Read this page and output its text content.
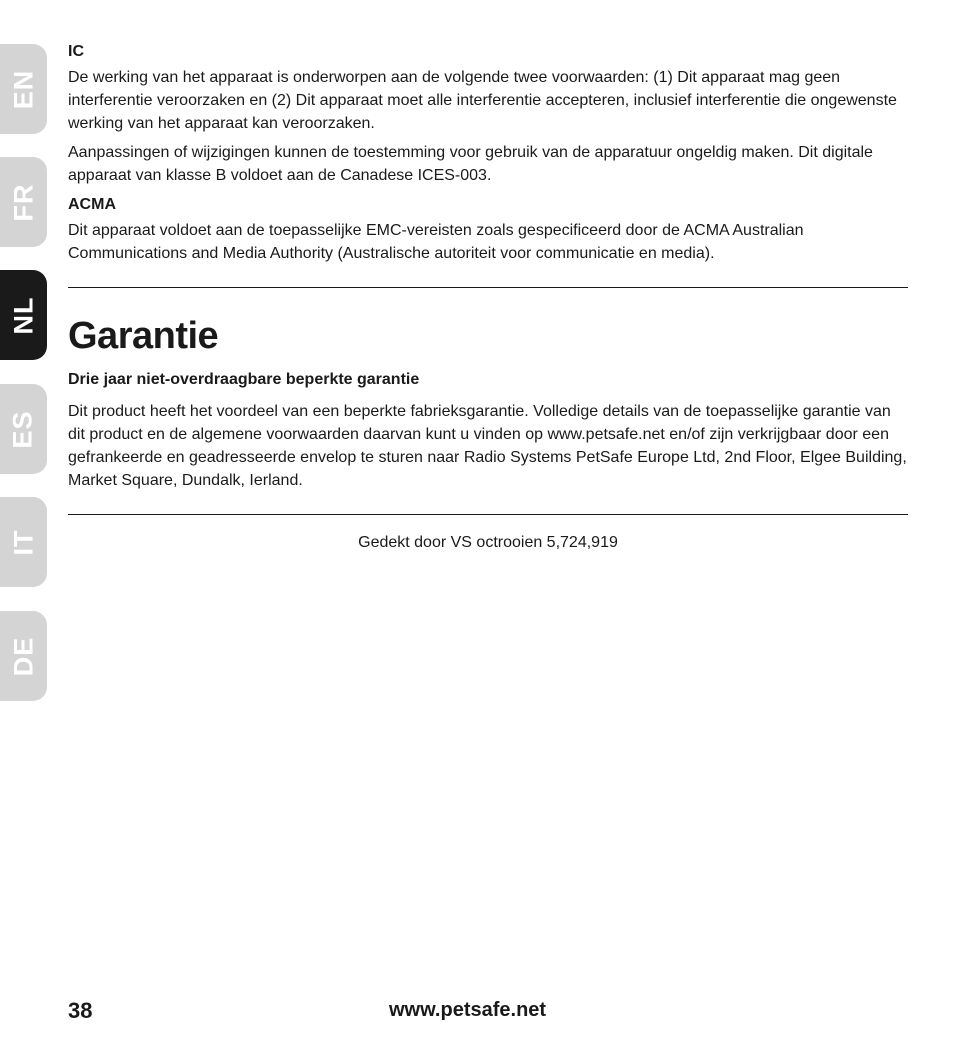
EN
FR
NL
ES
IT
DE
IC

De werking van het apparaat is onderworpen aan de volgende twee voorwaarden: (1) Dit apparaat mag geen interferentie veroorzaken en (2) Dit apparaat moet alle interferentie accepteren, inclusief interferentie die ongewenste werking van het apparaat kan veroorzaken.

Aanpassingen of wijzigingen kunnen de toestemming voor gebruik van de apparatuur ongeldig maken. Dit digitale apparaat van klasse B voldoet aan de Canadese ICES-003.

ACMA

Dit apparaat voldoet aan de toepasselijke EMC-vereisten zoals gespecificeerd door de ACMA Australian Communications and Media Authority (Australische autoriteit voor communicatie en media).

Garantie
Drie jaar niet-overdraagbare beperkte garantie

Dit product heeft het voordeel van een beperkte fabrieksgarantie. Volledige details van de toepasselijke garantie van dit product en de algemene voorwaarden daarvan kunt u vinden op www.petsafe.net en/of zijn verkrijgbaar door een gefrankeerde en geadresseerde envelop te sturen naar Radio Systems PetSafe Europe Ltd, 2nd Floor, Elgee Building, Market Square, Dundalk, Ierland.

Gedekt door VS octrooien 5,724,919
38	www.petsafe.net
